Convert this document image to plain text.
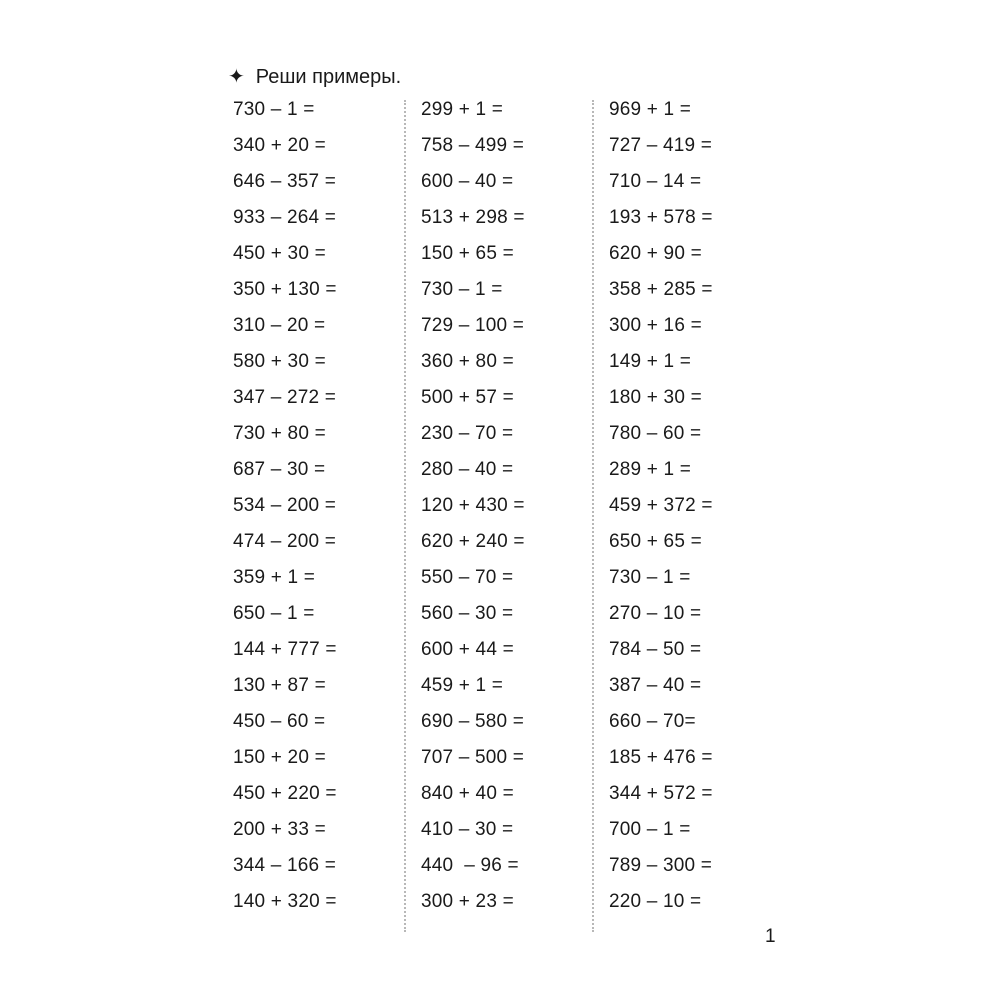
✦ Реши примеры.
730 – 1 =
340 + 20 =
646 – 357 =
933 – 264 =
450 + 30 =
350 + 130 =
310 – 20 =
580 + 30 =
347 – 272 =
730 + 80 =
687 – 30 =
534 – 200 =
474 – 200 =
359 + 1 =
650 – 1 =
144 + 777 =
130 + 87 =
450 – 60 =
150 + 20 =
450 + 220 =
200 + 33 =
344 – 166 =
140 + 320 =
299 + 1 =
758 – 499 =
600 – 40 =
513 + 298 =
150 + 65 =
730 – 1 =
729 – 100 =
360 + 80 =
500 + 57 =
230 – 70 =
280 – 40 =
120 + 430 =
620 + 240 =
550 – 70 =
560 – 30 =
600 + 44 =
459 + 1 =
690 – 580 =
707 – 500 =
840 + 40 =
410 – 30 =
440  – 96 =
300 + 23 =
969 + 1 =
727 – 419 =
710 – 14 =
193 + 578 =
620 + 90 =
358 + 285 =
300 + 16 =
149 + 1 =
180 + 30 =
780 – 60 =
289 + 1 =
459 + 372 =
650 + 65 =
730 – 1 =
270 – 10 =
784 – 50 =
387 – 40 =
660 – 70=
185 + 476 =
344 + 572 =
700 – 1 =
789 – 300 =
220 – 10 =
1
